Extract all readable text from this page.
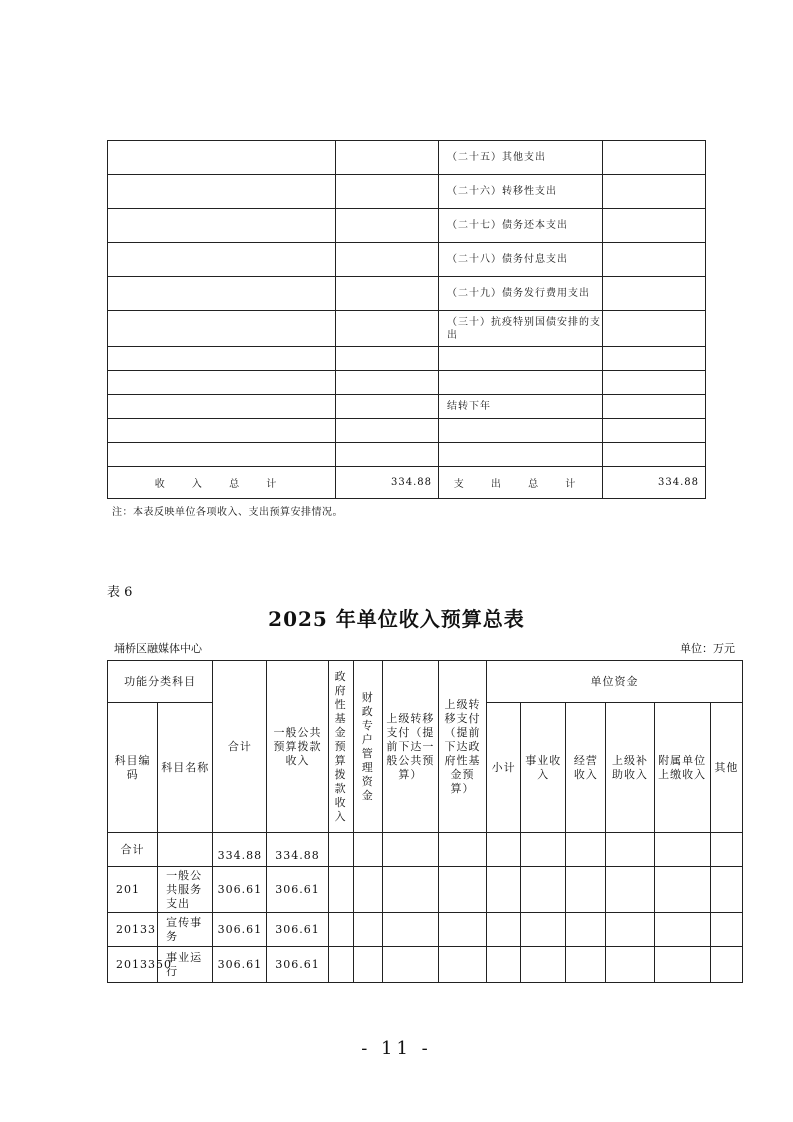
		（二十五）其他支出	
		（二十六）转移性支出	
		（二十七）债务还本支出	
		（二十八）债务付息支出	
		（二十九）债务发行费用支出	
		（三十）抗疫特别国债安排的支出	

		结转下年	

收 入 总 计	334.88	支 出 总 计	334.88
注：本表反映单位各项收入、支出预算安排情况。
表 6
2025 年单位收入预算总表
埇桥区融媒体中心	单位：万元
功能分类科目		合计	一般公共预算拨款收入	政府性基金预算拨款收入	财政专户管理资金	上级转移支付（提前下达一般公共预算）	上级转移支付（提前下达政府性基金预算）	单位资金					
科目编码	科目名称							小计	事业收入	经营收入	上级补助收入	附属单位上缴收入	其他
合计		334.88	334.88										
201	一般公共服务支出	306.61	306.61										
20133	宣传事务	306.61	306.61										
2013350	事业运行	306.61	306.61										
- 11 -
